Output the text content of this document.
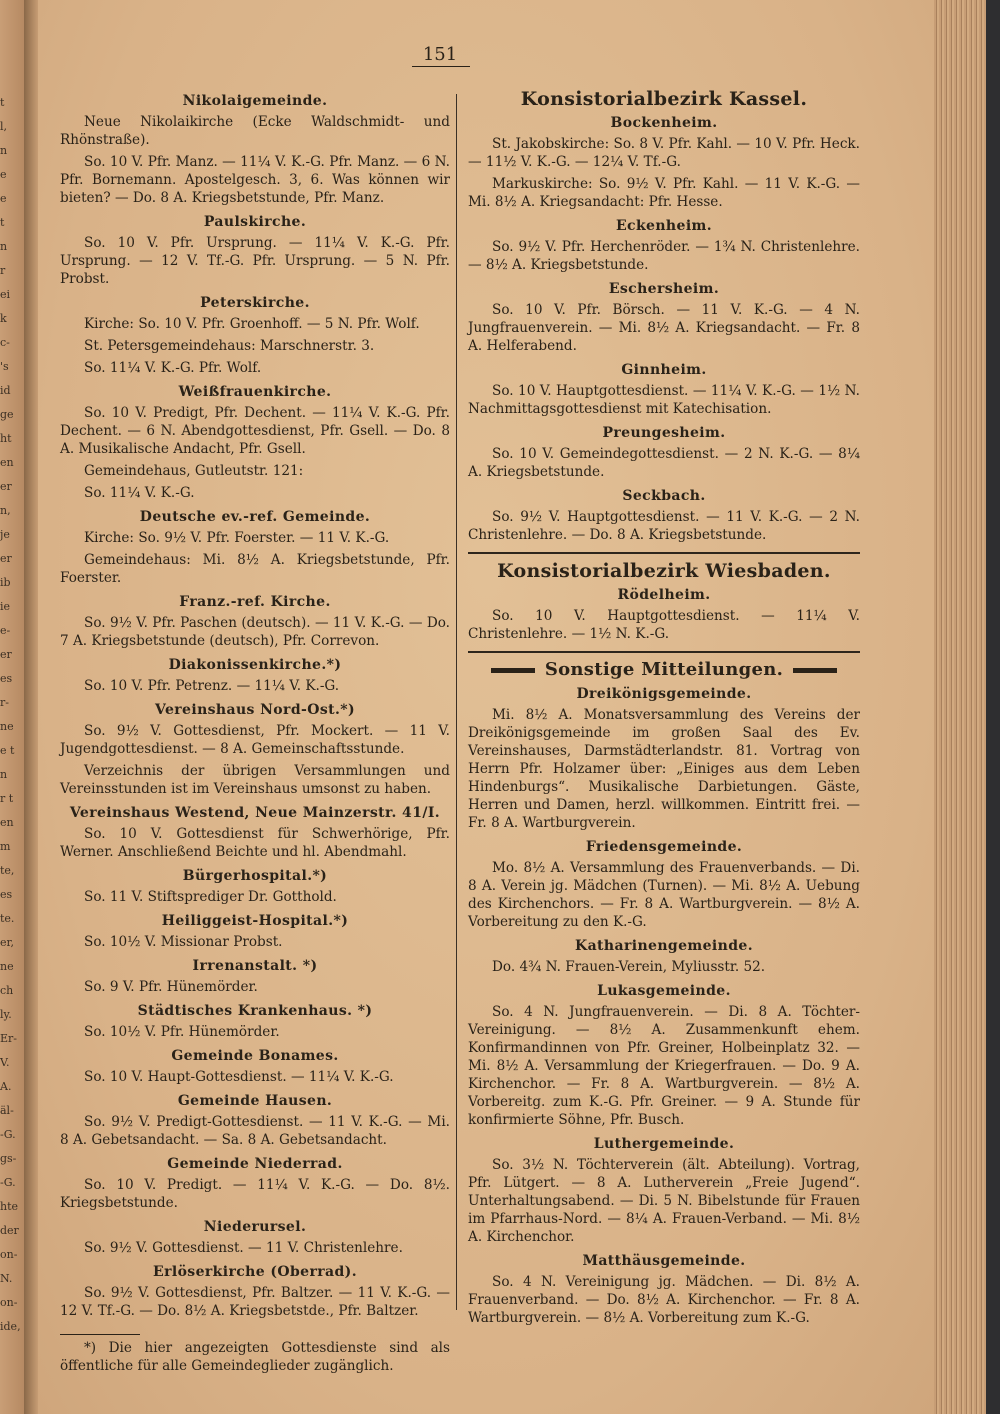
t
l,
n
e
e
t
n
r
ei
k
c-
's
id
ge
ht
en
er
n,
je
er
ib
ie
e-
er
es
r-
ne
e t
n
r t
en
m
te,
es
te.
er,
ne
ch
ly.
Er-
V.
A.
äl-
-G.
gs-
-G.
hte
der
on-
N.
on-
ide,
151
Nikolaigemeinde.

Neue Nikolaikirche (Ecke Waldschmidt- und Rhönstraße).

So. 10 V. Pfr. Manz. — 11¼ V. K.-G. Pfr. Manz. — 6 N. Pfr. Bornemann. Apostelgesch. 3, 6. Was können wir bieten? — Do. 8 A. Kriegsbetstunde, Pfr. Manz.

Paulskirche.

So. 10 V. Pfr. Ursprung. — 11¼ V. K.-G. Pfr. Ursprung. — 12 V. Tf.-G. Pfr. Ursprung. — 5 N. Pfr. Probst.

Peterskirche.

Kirche: So. 10 V. Pfr. Groenhoff. — 5 N. Pfr. Wolf.

St. Petersgemeindehaus: Marschnerstr. 3.

So. 11¼ V. K.-G. Pfr. Wolf.

Weißfrauenkirche.

So. 10 V. Predigt, Pfr. Dechent. — 11¼ V. K.-G. Pfr. Dechent. — 6 N. Abendgottesdienst, Pfr. Gsell. — Do. 8 A. Musikalische Andacht, Pfr. Gsell.

Gemeindehaus, Gutleutstr. 121:

So. 11¼ V. K.-G.

Deutsche ev.-ref. Gemeinde.

Kirche: So. 9½ V. Pfr. Foerster. — 11 V. K.-G.

Gemeindehaus: Mi. 8½ A. Kriegsbetstunde, Pfr. Foerster.

Franz.-ref. Kirche.

So. 9½ V. Pfr. Paschen (deutsch). — 11 V. K.-G. — Do. 7 A. Kriegsbetstunde (deutsch), Pfr. Correvon.

Diakonissenkirche.*)

So. 10 V. Pfr. Petrenz. — 11¼ V. K.-G.

Vereinshaus Nord-Ost.*)

So. 9½ V. Gottesdienst, Pfr. Mockert. — 11 V. Jugendgottesdienst. — 8 A. Gemeinschaftsstunde.

Verzeichnis der übrigen Versammlungen und Vereinsstunden ist im Vereinshaus umsonst zu haben.

Vereinshaus Westend, Neue Mainzerstr. 41/I.

So. 10 V. Gottesdienst für Schwerhörige, Pfr. Werner. Anschließend Beichte und hl. Abendmahl.

Bürgerhospital.*)

So. 11 V. Stiftsprediger Dr. Gotthold.

Heiliggeist-Hospital.*)

So. 10½ V. Missionar Probst.

Irrenanstalt. *)

So. 9 V. Pfr. Hünemörder.

Städtisches Krankenhaus. *)

So. 10½ V. Pfr. Hünemörder.

Gemeinde Bonames.

So. 10 V. Haupt-Gottesdienst. — 11¼ V. K.-G.

Gemeinde Hausen.

So. 9½ V. Predigt-Gottesdienst. — 11 V. K.-G. — Mi. 8 A. Gebetsandacht. — Sa. 8 A. Gebetsandacht.

Gemeinde Niederrad.

So. 10 V. Predigt. — 11¼ V. K.-G. — Do. 8½. Kriegsbetstunde.

Niederursel.

So. 9½ V. Gottesdienst. — 11 V. Christenlehre.

Erlöserkirche (Oberrad).

So. 9½ V. Gottesdienst, Pfr. Baltzer. — 11 V. K.-G. — 12 V. Tf.-G. — Do. 8½ A. Kriegsbetstde., Pfr. Baltzer.

*) Die hier angezeigten Gottesdienste sind als öffentliche für alle Gemeindeglieder zugänglich.

Konsistorialbezirk Kassel.
Bockenheim.

St. Jakobskirche: So. 8 V. Pfr. Kahl. — 10 V. Pfr. Heck. — 11½ V. K.-G. — 12¼ V. Tf.-G.

Markuskirche: So. 9½ V. Pfr. Kahl. — 11 V. K.-G. — Mi. 8½ A. Kriegsandacht: Pfr. Hesse.

Eckenheim.

So. 9½ V. Pfr. Herchenröder. — 1¾ N. Christenlehre. — 8½ A. Kriegsbetstunde.

Eschersheim.

So. 10 V. Pfr. Börsch. — 11 V. K.-G. — 4 N. Jungfrauenverein. — Mi. 8½ A. Kriegsandacht. — Fr. 8 A. Helferabend.

Ginnheim.

So. 10 V. Hauptgottesdienst. — 11¼ V. K.-G. — 1½ N. Nachmittagsgottesdienst mit Katechisation.

Preungesheim.

So. 10 V. Gemeindegottesdienst. — 2 N. K.-G. — 8¼ A. Kriegsbetstunde.

Seckbach.

So. 9½ V. Hauptgottesdienst. — 11 V. K.-G. — 2 N. Christenlehre. — Do. 8 A. Kriegsbetstunde.

Konsistorialbezirk Wiesbaden.
Rödelheim.

So. 10 V. Hauptgottesdienst. — 11¼ V. Christenlehre. — 1½ N. K.-G.

Sonstige Mitteilungen.
Dreikönigsgemeinde.

Mi. 8½ A. Monatsversammlung des Vereins der Dreikönigsgemeinde im großen Saal des Ev. Vereinshauses, Darmstädterlandstr. 81. Vortrag von Herrn Pfr. Holzamer über: „Einiges aus dem Leben Hindenburgs“. Musikalische Darbietungen. Gäste, Herren und Damen, herzl. willkommen. Eintritt frei. — Fr. 8 A. Wartburgverein.

Friedensgemeinde.

Mo. 8½ A. Versammlung des Frauenverbands. — Di. 8 A. Verein jg. Mädchen (Turnen). — Mi. 8½ A. Uebung des Kirchenchors. — Fr. 8 A. Wartburgverein. — 8½ A. Vorbereitung zu den K.-G.

Katharinengemeinde.

Do. 4¾ N. Frauen-Verein, Myliusstr. 52.

Lukasgemeinde.

So. 4 N. Jungfrauenverein. — Di. 8 A. Töchter-Vereinigung. — 8½ A. Zusammenkunft ehem. Konfirmandinnen von Pfr. Greiner, Holbeinplatz 32. — Mi. 8½ A. Versammlung der Kriegerfrauen. — Do. 9 A. Kirchenchor. — Fr. 8 A. Wartburgverein. — 8½ A. Vorbereitg. zum K.-G. Pfr. Greiner. — 9 A. Stunde für konfirmierte Söhne, Pfr. Busch.

Luthergemeinde.

So. 3½ N. Töchterverein (ält. Abteilung). Vortrag, Pfr. Lütgert. — 8 A. Lutherverein „Freie Jugend“. Unterhaltungsabend. — Di. 5 N. Bibelstunde für Frauen im Pfarrhaus-Nord. — 8¼ A. Frauen-Verband. — Mi. 8½ A. Kirchenchor.

Matthäusgemeinde.

So. 4 N. Vereinigung jg. Mädchen. — Di. 8½ A. Frauenverband. — Do. 8½ A. Kirchenchor. — Fr. 8 A. Wartburgverein. — 8½ A. Vorbereitung zum K.-G.
